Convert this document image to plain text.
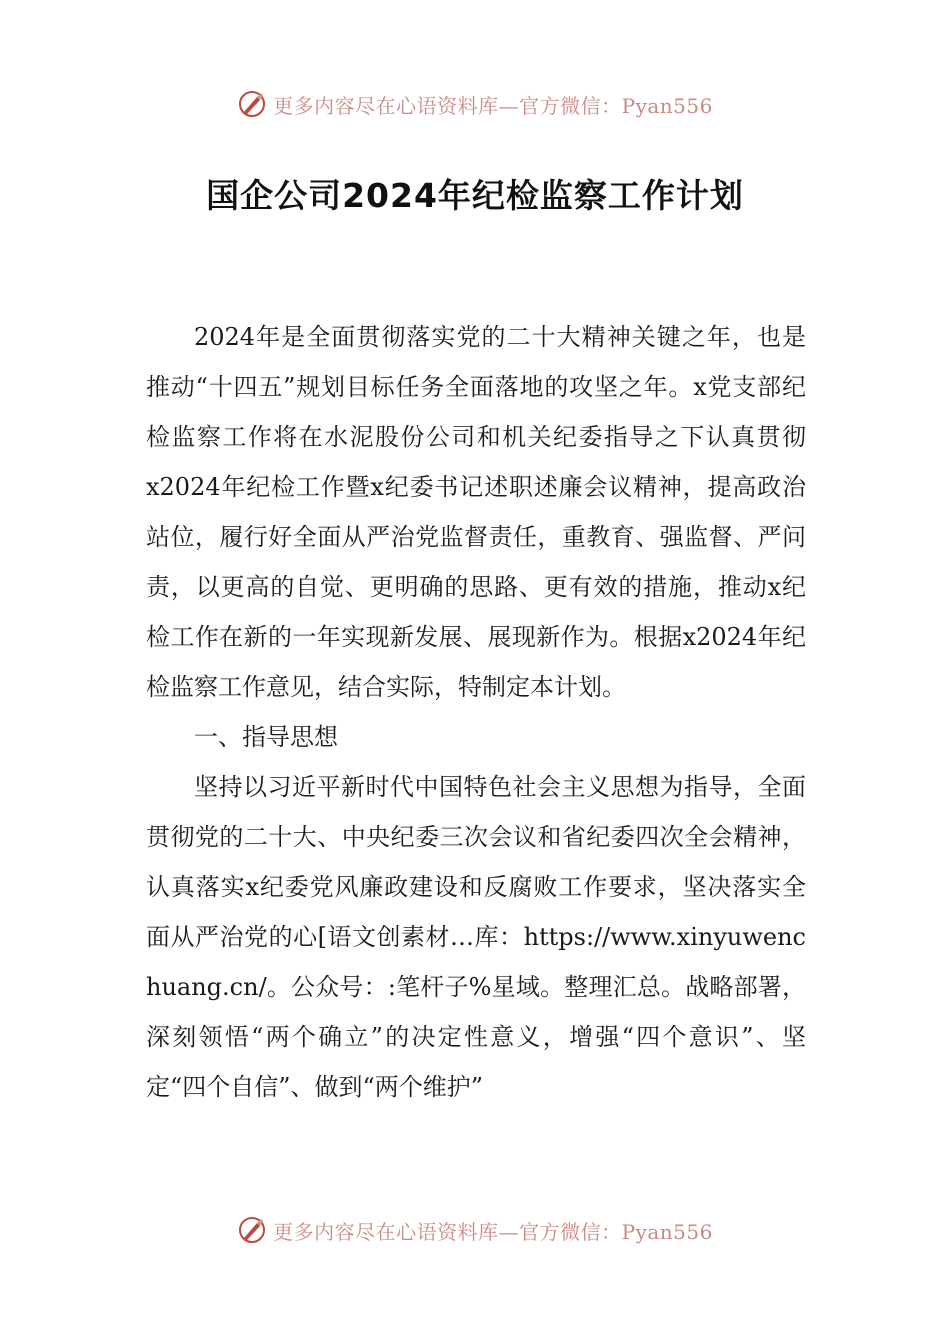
更多内容尽在心语资料库—官方微信：Pyan556
国企公司2024年纪检监察工作计划

2024年是全面贯彻落实党的二十大精神关键之年，也是推动“十四五”规划目标任务全面落地的攻坚之年。x党支部纪检监察工作将在水泥股份公司和机关纪委指导之下认真贯彻x2024年纪检工作暨x纪委书记述职述廉会议精神，提高政治站位，履行好全面从严治党监督责任，重教育、强监督、严问责，以更高的自觉、更明确的思路、更有效的措施，推动x纪检工作在新的一年实现新发展、展现新作为。根据x2024年纪检监察工作意见，结合实际，特制定本计划。

一、指导思想

坚持以习近平新时代中国特色社会主义思想为指导，全面贯彻党的二十大、中央纪委三次会议和省纪委四次全会精神，认真落实x纪委党风廉政建设和反腐败工作要求，坚决落实全面从严治党的心[语文创素材…库：https://www.xinyuwenchuang.cn/。公众号：:笔杆子%星域。整理汇总。战略部署，深刻领悟“两个确立”的决定性意义，增强“四个意识”、坚定“四个自信”、做到“两个维护”

更多内容尽在心语资料库—官方微信：Pyan556
